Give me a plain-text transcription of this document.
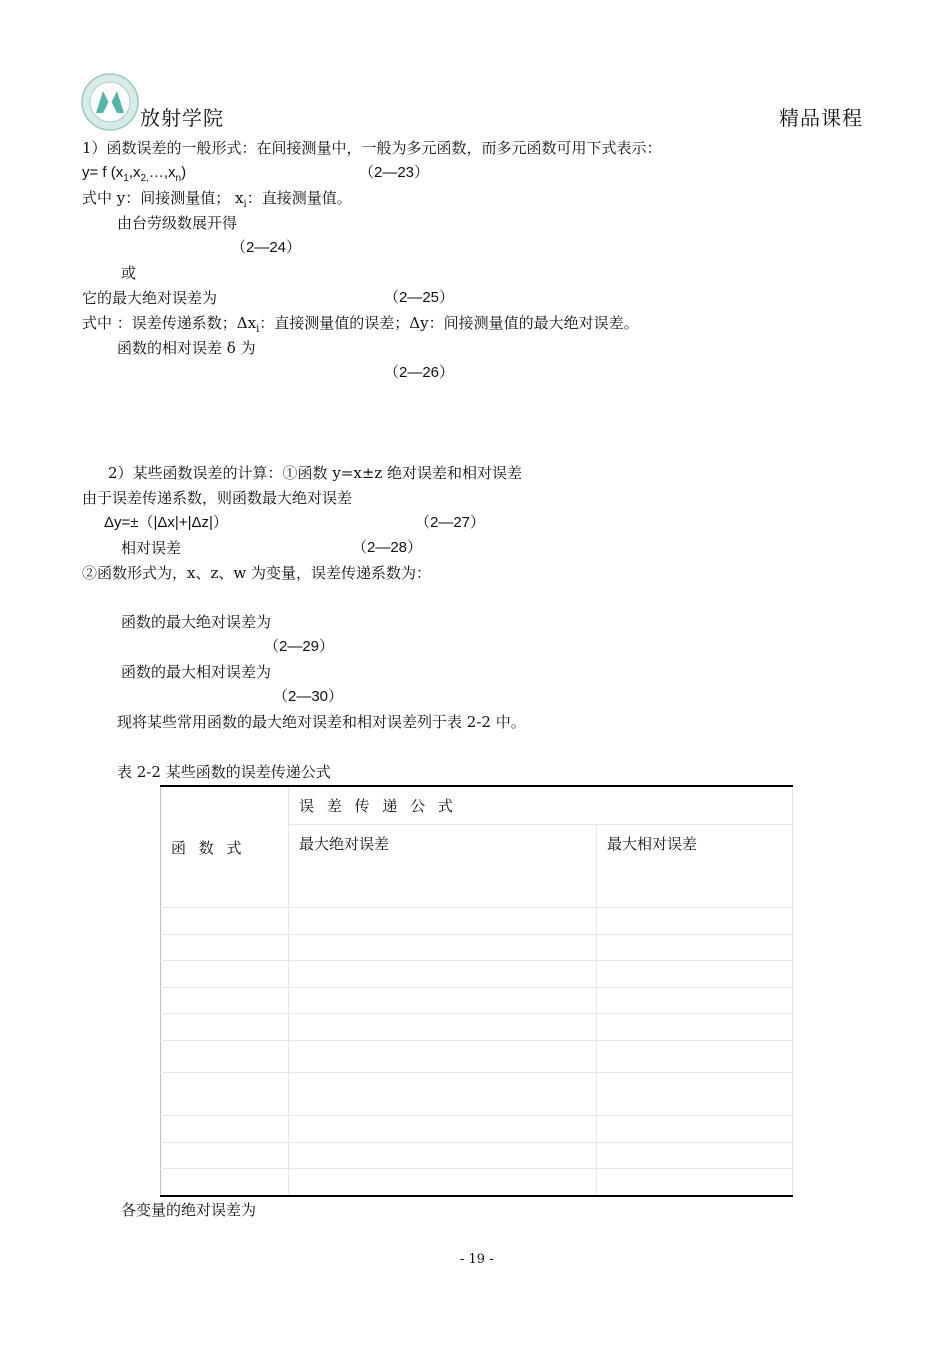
放射学院	精品课程
1）函数误差的一般形式：在间接测量中，一般为多元函数，而多元函数可用下式表示：
y= f $(x_1,x_{2,}\dots,x_n)$	（2—23）
式中 y：间接测量值； $x_i$：直接测量值。
由台劳级数展开得
（2—24）
或
它的最大绝对误差为	（2—25）
式中 ：误差传递系数；$\Delta x_i$：直接测量值的误差；Δy：间接测量值的最大绝对误差。
函数的相对误差 δ 为
（2—26）
2）某些函数误差的计算：①函数 y=x±z 绝对误差和相对误差
由于误差传递系数，则函数最大绝对误差
Δy=±（|Δx|+|Δz|）	（2—27）
相对误差	（2—28）
②函数形式为，x、z、w 为变量，误差传递系数为：
函数的最大绝对误差为
（2—29）
函数的最大相对误差为
（2—30）
现将某些常用函数的最大绝对误差和相对误差列于表 2-2 中。
表 2-2 某些函数的误差传递公式
函 数 式	误 差 传 递 公 式	
	最大绝对误差	最大相对误差

各变量的绝对误差为
- 19 -
